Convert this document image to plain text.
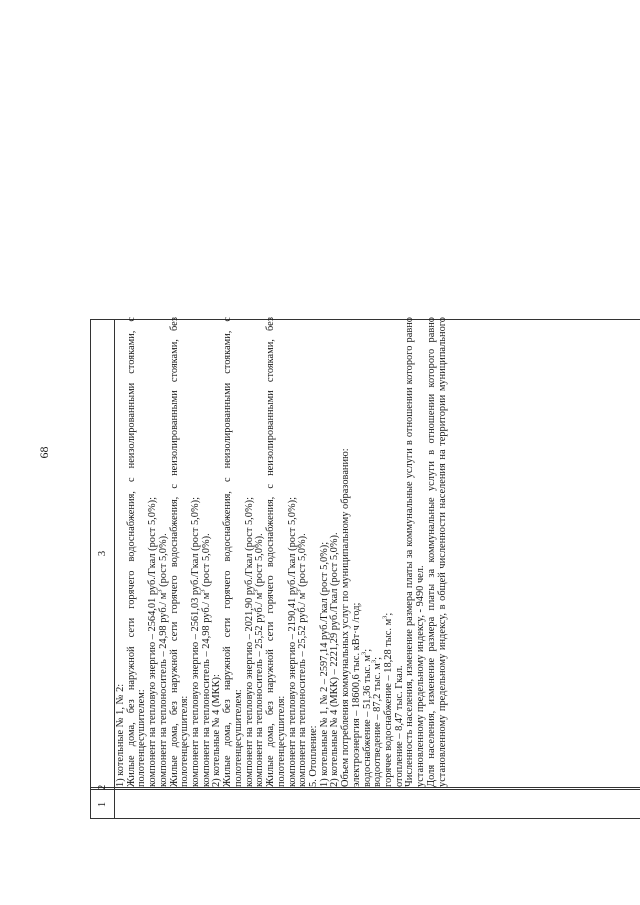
68
1
2
3
1) котельные № 1, № 2: Жилые дома, без наружной сети горячего водоснабжения, с неизолированными стояками, с полотенцесушителем: компонент на тепловую энергию – 2564,01 руб./Гкал (рост 5,0%); компонент на теплоноситель – 24,98 руб./ $м^3$ (рост 5,0%). Жилые дома, без наружной сети горячего водоснабжения, с неизолированными стояками, без полотенцесушителя: компонент на тепловую энергию – 2561,03 руб./Гкал (рост 5,0%); компонент на теплоноситель – 24,98 руб./ $м^3$ (рост 5,0%).
2) котельные № 4 (МКК): Жилые дома, без наружной сети горячего водоснабжения, с неизолированными стояками, с полотенцесушителем: компонент на тепловую энергию – 2021,90 руб./Гкал (рост 5,0%); компонент на теплоноситель – 25,52 руб./ $м^3$ (рост 5,0%). Жилые дома, без наружной сети горячего водоснабжения, с неизолированными стояками, без полотенцесушителя: компонент на тепловую энергию – 2190,41 руб./Гкал (рост 5,0%); компонент на теплоноситель – 25,52 руб./ $м^3$ (рост 5,0%).
5. Отопление: 1) котельные № 1, № 2 – 2597,14 руб./Гкал (рост 5,0%); 2) котельные № 4 (МКК) – 2221,29 руб./Гкал (рост 5,0%). Объем потребления коммунальных услуг по муниципальному образованию: электроэнергия – 18600,6 тыс. кВт·ч /год; водоснабжение – 51,36 тыс. $м^3$;
водоотведение – 87,2 тыс. $м^3$; горячее водоснабжение – 18,28 тыс. $м^3$;
отопление – 8,47 тыс. Гкал. Численность населения, изменение размера платы за коммунальные услуги в отношении которого равно установленному предельному индексу, - 9490 чел. Доля населения, изменение размера платы за коммунальные услуги в отношении которого равно установленному предельному индексу, в общей численности населения на территории муниципального
